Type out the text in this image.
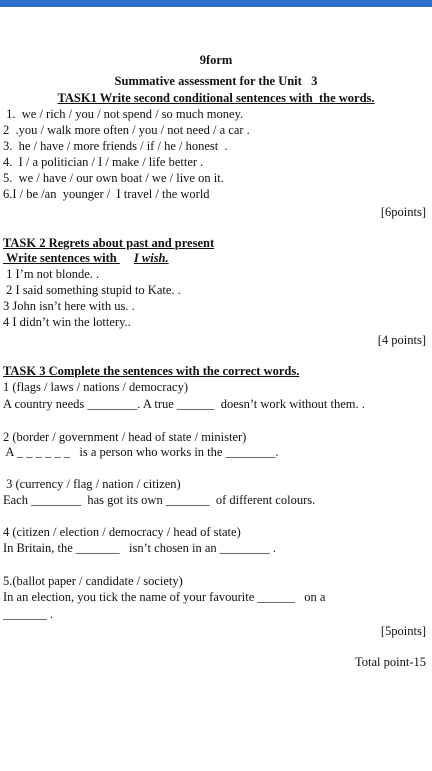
9form
Summative assessment for the Unit   3
TASK1 Write second conditional sentences with  the words.
1.  we / rich / you / not spend / so much money.
2  .you / walk more often / you / not need / a car .
3.  he / have / more friends / if / he / honest  .
4.  I / a politician / I / make / life better .
5.  we / have / our own boat / we / live on it.
6.I / be /an  younger /  I travel / the world
[6points]
TASK 2 Regrets about past and present
Write sentences with I wish.
1 I’m not blonde. .
2 I said something stupid to Kate. .
3 John isn’t here with us. .
4 I didn’t win the lottery..
[4 points]
TASK 3 Complete the sentences with the correct words.
1 (flags / laws / nations / democracy)
A country needs ________. A true ______  doesn’t work without them. .
2 (border / government / head of state / minister)
A _ _ _ _ _ _   is a person who works in the ________.
3 (currency / flag / nation / citizen)
Each ________  has got its own _______  of different colours.
4 (citizen / election / democracy / head of state)
In Britain, the _______   isn’t chosen in an ________ .
5.(ballot paper / candidate / society)
In an election, you tick the name of your favourite ______   on a
_______ .
[5points]
Total point-15
